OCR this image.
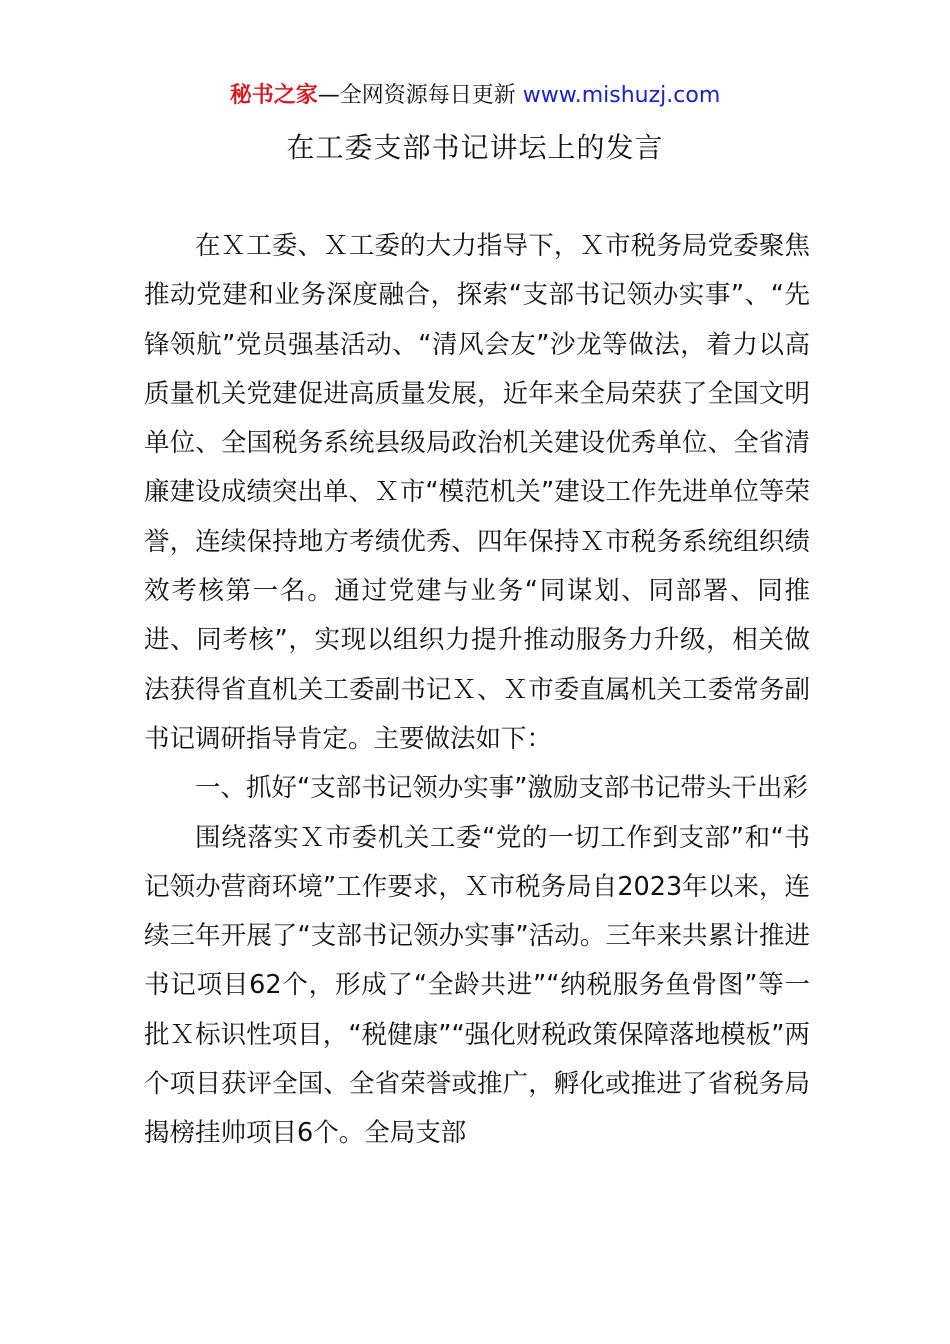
秘书之家—全网资源每日更新 www.mishuzj.com
在工委支部书记讲坛上的发言

在Ｘ工委、Ｘ工委的大力指导下，Ｘ市税务局党委聚焦推动党建和业务深度融合，探索“支部书记领办实事”、“先锋领航”党员强基活动、“清风会友”沙龙等做法，着力以高质量机关党建促进高质量发展，近年来全局荣获了全国文明单位、全国税务系统县级局政治机关建设优秀单位、全省清廉建设成绩突出单、Ｘ市“模范机关”建设工作先进单位等荣誉，连续保持地方考绩优秀、四年保持Ｘ市税务系统组织绩效考核第一名。通过党建与业务“同谋划、同部署、同推进、同考核”，实现以组织力提升推动服务力升级，相关做法获得省直机关工委副书记Ｘ、Ｘ市委直属机关工委常务副书记调研指导肯定。主要做法如下：

一、抓好“支部书记领办实事”激励支部书记带头干出彩

围绕落实Ｘ市委机关工委“党的一切工作到支部”和“书记领办营商环境”工作要求，Ｘ市税务局自2023年以来，连续三年开展了“支部书记领办实事”活动。三年来共累计推进书记项目62个，形成了“全龄共进”“纳税服务鱼骨图”等一批Ｘ标识性项目，“税健康”“强化财税政策保障落地模板”两个项目获评全国、全省荣誉或推广，孵化或推进了省税务局揭榜挂帅项目6个。全局支部
